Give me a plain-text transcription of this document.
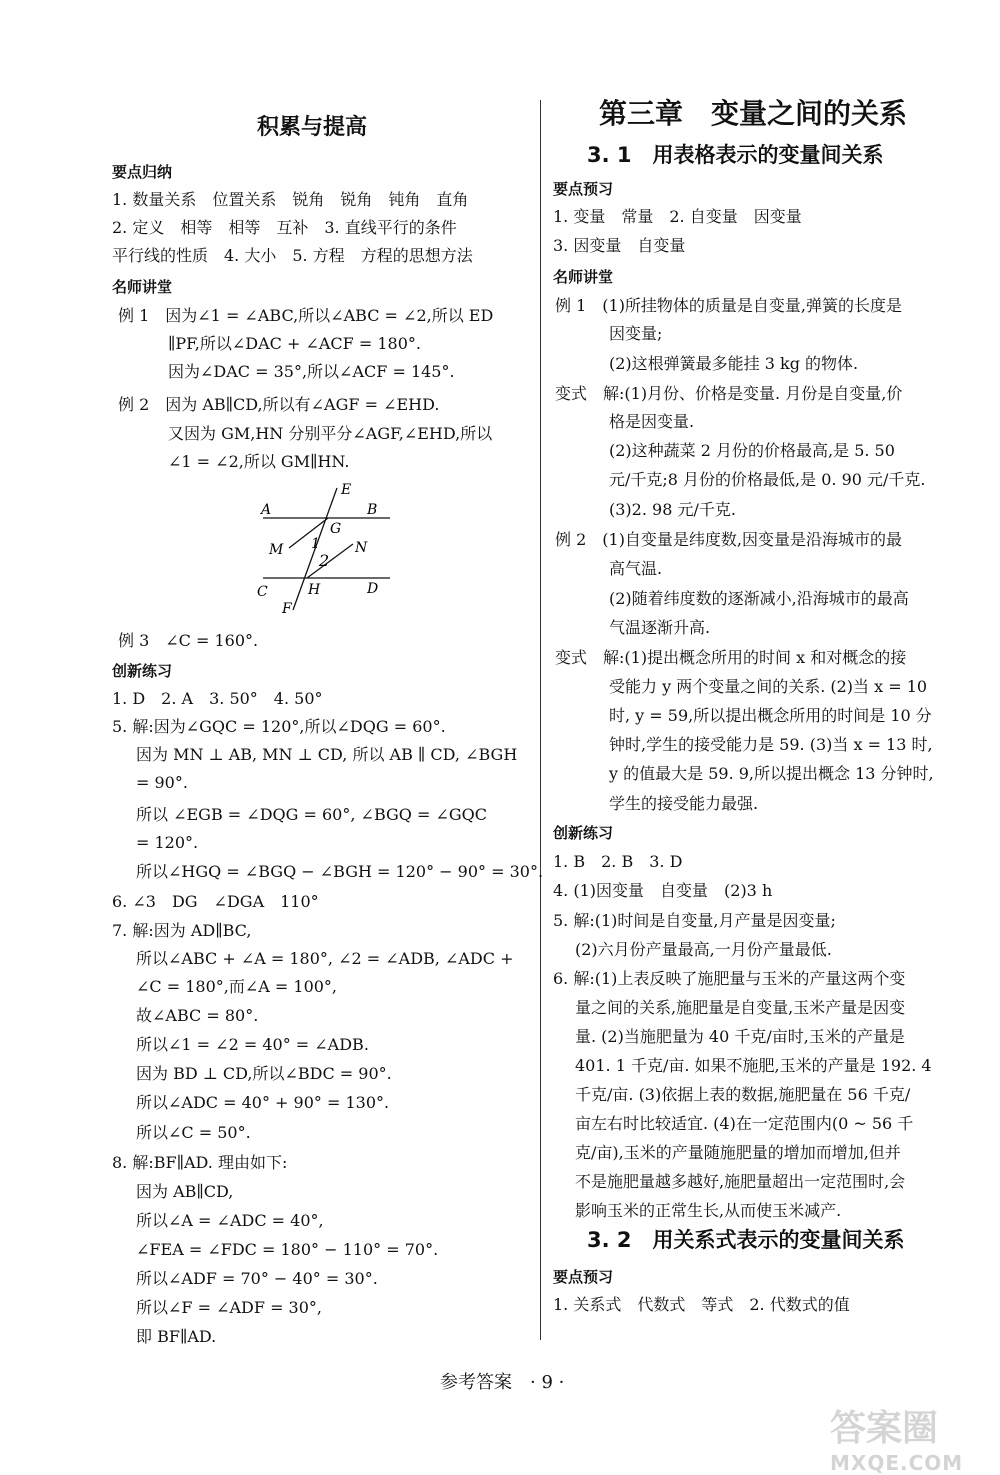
积累与提高
要点归纳
1. 数量关系　位置关系　锐角　锐角　钝角　直角
2. 定义　相等　相等　互补　3. 直线平行的条件
平行线的性质　4. 大小　5. 方程　方程的思想方法
名师讲堂
例 1　因为∠1 = ∠ABC,所以∠ABC = ∠2,所以 ED
∥PF,所以∠DAC + ∠ACF = 180°.
因为∠DAC = 35°,所以∠ACF = 145°.
例 2　因为 AB∥CD,所以有∠AGF = ∠EHD.
又因为 GM,HN 分别平分∠AGF,∠EHD,所以
∠1 = ∠2,所以 GM∥HN.
例 3　∠C = 160°.
创新练习
1. D　2. A　3. 50°　4. 50°
5. 解:因为∠GQC = 120°,所以∠DQG = 60°.
因为 MN ⊥ AB, MN ⊥ CD, 所以 AB ∥ CD, ∠BGH
= 90°.
所以 ∠EGB = ∠DQG = 60°, ∠BGQ = ∠GQC
= 120°.
所以∠HGQ = ∠BGQ − ∠BGH = 120° − 90° = 30°.
6. ∠3　DG　∠DGA　110°
7. 解:因为 AD∥BC,
所以∠ABC + ∠A = 180°, ∠2 = ∠ADB, ∠ADC +
∠C = 180°,而∠A = 100°,
故∠ABC = 80°.
所以∠1 = ∠2 = 40° = ∠ADB.
因为 BD ⊥ CD,所以∠BDC = 90°.
所以∠ADC = 40° + 90° = 130°.
所以∠C = 50°.
8. 解:BF∥AD. 理由如下:
因为 AB∥CD,
所以∠A = ∠ADC = 40°,
∠FEA = ∠FDC = 180° − 110° = 70°.
所以∠ADF = 70° − 40° = 30°.
所以∠F = ∠ADF = 30°,
即 BF∥AD.
A	B
C	D
E
F
G
H
M	N
1
2
第三章　变量之间的关系
3. 1　用表格表示的变量间关系
3. 2　用关系式表示的变量间关系
要点预习
1. 变量　常量　2. 自变量　因变量
3. 因变量　自变量
名师讲堂
例 1　(1)所挂物体的质量是自变量,弹簧的长度是
因变量;
(2)这根弹簧最多能挂 3 kg 的物体.
变式　解:(1)月份、价格是变量. 月份是自变量,价
格是因变量.
(2)这种蔬菜 2 月份的价格最高,是 5. 50
元/千克;8 月份的价格最低,是 0. 90 元/千克.
(3)2. 98 元/千克.
例 2　(1)自变量是纬度数,因变量是沿海城市的最
高气温.
(2)随着纬度数的逐渐减小,沿海城市的最高
气温逐渐升高.
变式　解:(1)提出概念所用的时间 x 和对概念的接
受能力 y 两个变量之间的关系. (2)当 x = 10
时, y = 59,所以提出概念所用的时间是 10 分
钟时,学生的接受能力是 59. (3)当 x = 13 时,
y 的值最大是 59. 9,所以提出概念 13 分钟时,
学生的接受能力最强.
创新练习
1. B　2. B　3. D
4. (1)因变量　自变量　(2)3 h
5. 解:(1)时间是自变量,月产量是因变量;
(2)六月份产量最高,一月份产量最低.
6. 解:(1)上表反映了施肥量与玉米的产量这两个变
量之间的关系,施肥量是自变量,玉米产量是因变
量. (2)当施肥量为 40 千克/亩时,玉米的产量是
401. 1 千克/亩. 如果不施肥,玉米的产量是 192. 4
千克/亩. (3)依据上表的数据,施肥量在 56 千克/
亩左右时比较适宜. (4)在一定范围内(0 ~ 56 千
克/亩),玉米的产量随施肥量的增加而增加,但并
不是施肥量越多越好,施肥量超出一定范围时,会
影响玉米的正常生长,从而使玉米减产.
要点预习
1. 关系式　代数式　等式　2. 代数式的值
参考答案　· 9 ·
答案圈
MXQE.COM
